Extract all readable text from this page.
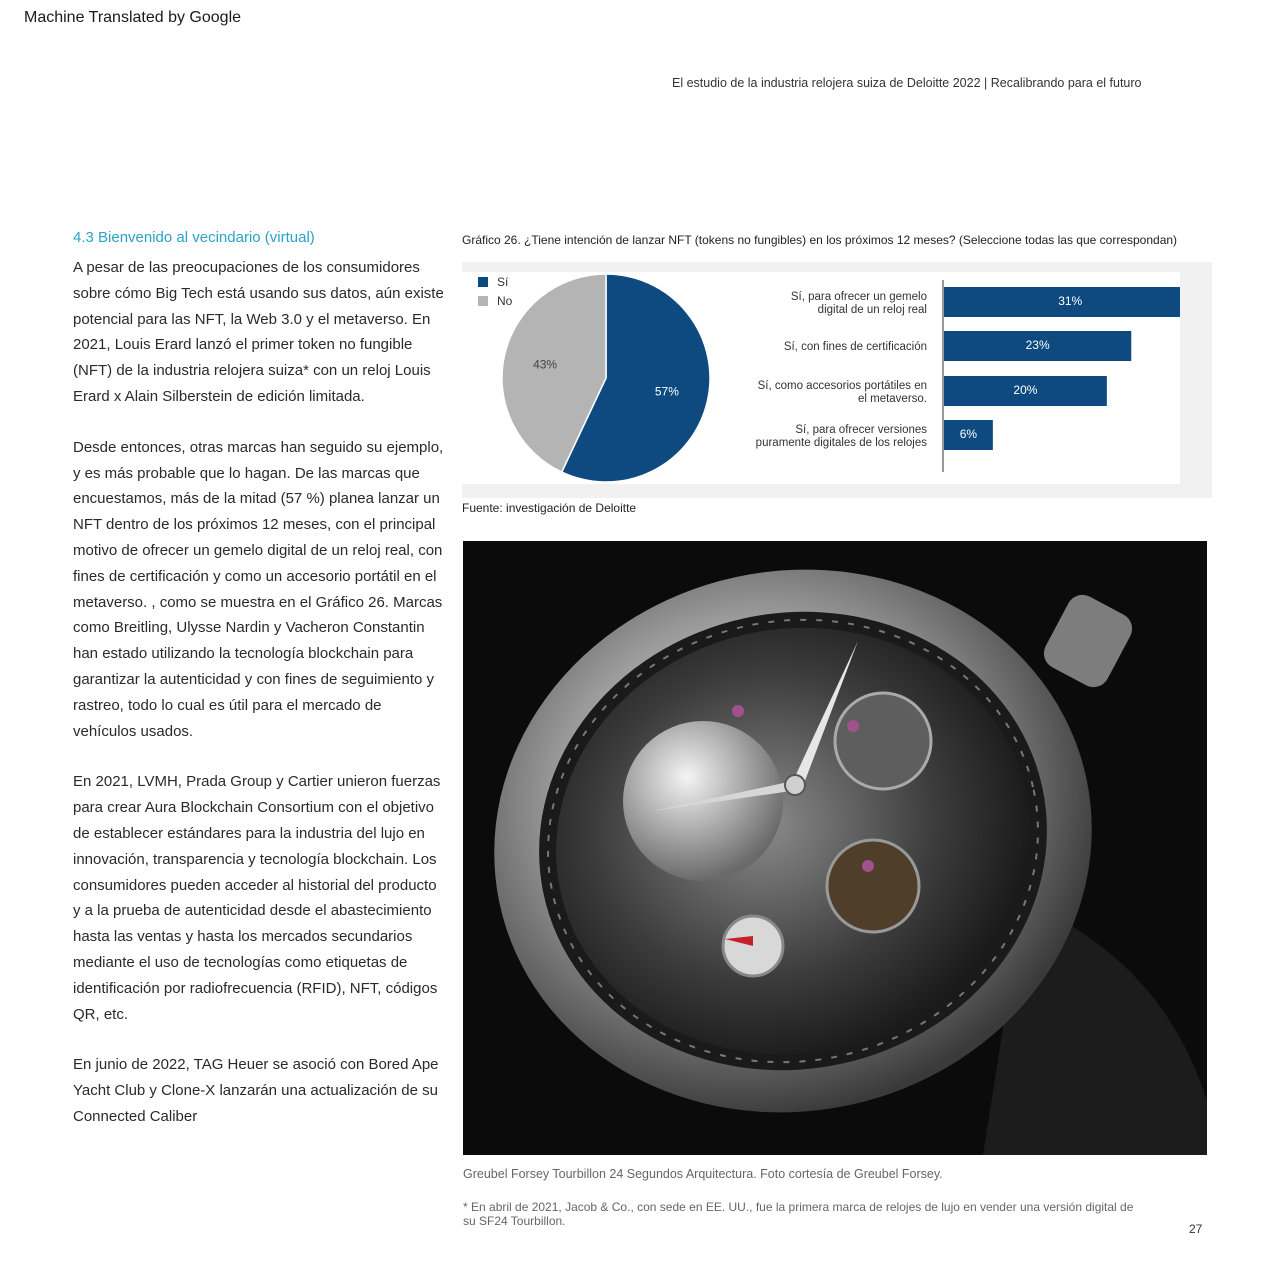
Machine Translated by Google
El estudio de la industria relojera suiza de Deloitte 2022 | Recalibrando para el futuro
4.3 Bienvenido al vecindario (virtual)

A pesar de las preocupaciones de los consumidores sobre cómo Big Tech está usando sus datos, aún existe potencial para las NFT, la Web 3.0 y el metaverso. En 2021, Louis Erard lanzó el primer token no fungible (NFT) de la industria relojera suiza* con un reloj Louis Erard x Alain Silberstein de edición limitada.

Desde entonces, otras marcas han seguido su ejemplo, y es más probable que lo hagan. De las marcas que encuestamos, más de la mitad (57 %) planea lanzar un NFT dentro de los próximos 12 meses, con el principal motivo de ofrecer un gemelo digital de un reloj real, con fines de certificación y como un accesorio portátil en el metaverso. , como se muestra en el Gráfico 26. Marcas como Breitling, Ulysse Nardin y Vacheron Constantin han estado utilizando la tecnología blockchain para garantizar la autenticidad y con fines de seguimiento y rastreo, todo lo cual es útil para el mercado de vehículos usados.

En 2021, LVMH, Prada Group y Cartier unieron fuerzas para crear Aura Blockchain Consortium con el objetivo de establecer estándares para la industria del lujo en innovación, transparencia y tecnología blockchain. Los consumidores pueden acceder al historial del producto y a la prueba de autenticidad desde el abastecimiento hasta las ventas y hasta los mercados secundarios mediante el uso de tecnologías como etiquetas de identificación por radiofrecuencia (RFID), NFT, códigos QR, etc.

En junio de 2022, TAG Heuer se asoció con Bored Ape Yacht Club y Clone-X lanzarán una actualización de su Connected Caliber

Gráfico 26. ¿Tiene intención de lanzar NFT (tokens no fungibles) en los próximos 12 meses? (Seleccione todas las que correspondan)
Sí
No
57%
43%
31%
Sí, para ofrecer un gemelo digital de un reloj real
23%
Sí, con fines de certificación
20%
Sí, como accesorios portátiles en el metaverso.
6%
Sí, para ofrecer versiones puramente digitales de los relojes
Fuente: investigación de Deloitte
Greubel Forsey Tourbillon 24 Segundos Arquitectura. Foto cortesía de Greubel Forsey.
* En abril de 2021, Jacob & Co., con sede en EE. UU., fue la primera marca de relojes de lujo en vender una versión digital de su SF24 Tourbillon.
27
